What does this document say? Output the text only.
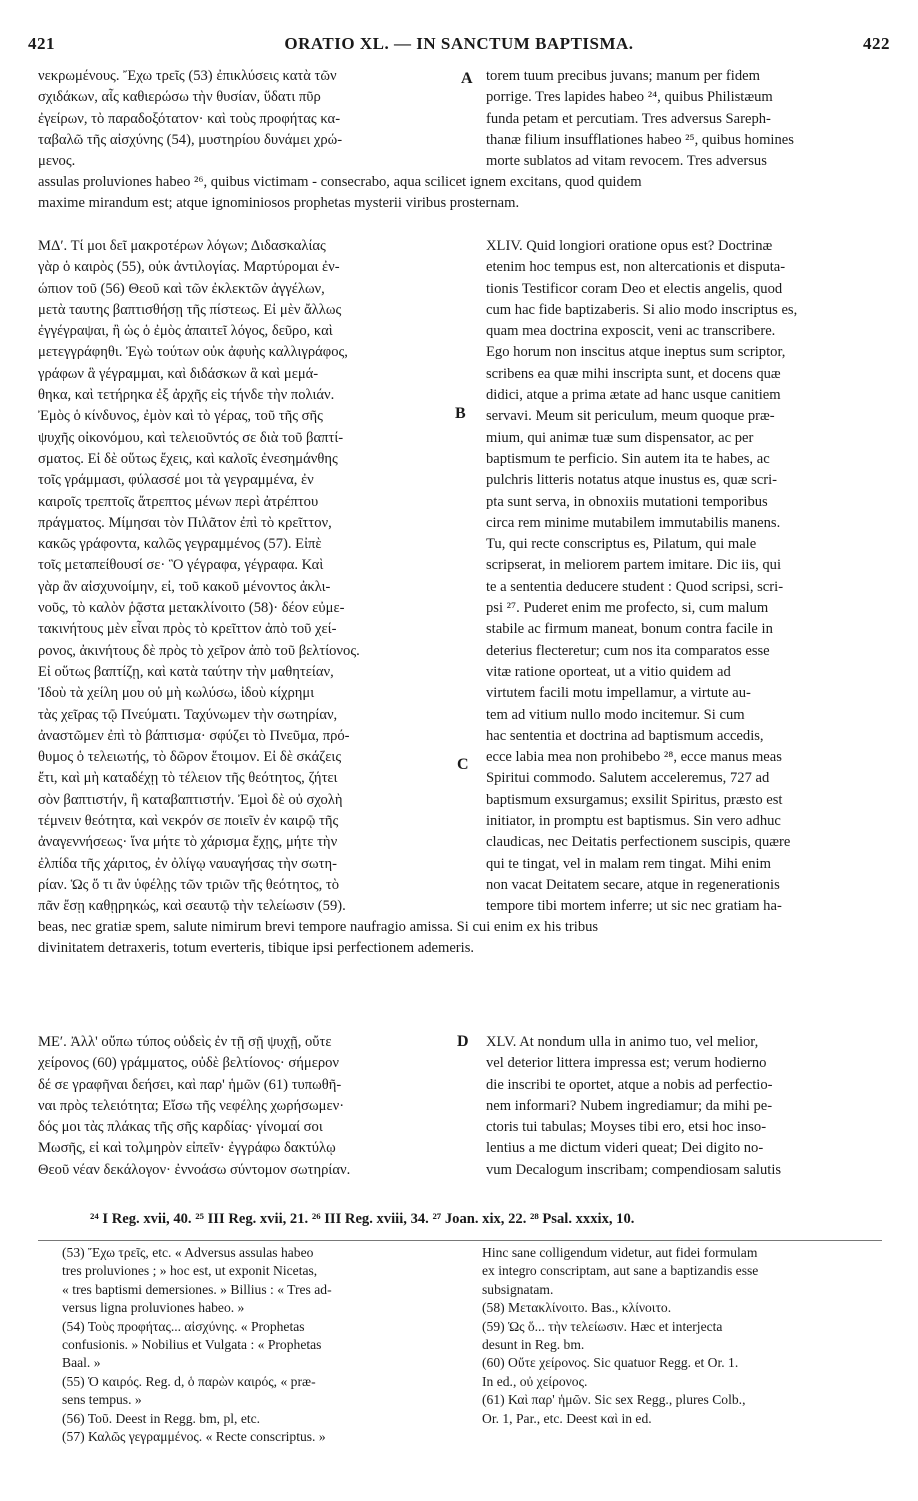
421	ORATIO XL. — IN SANCTUM BAPTISMA.	422
νεκρωμένους. Ἔχω τρεῖς (53) ἐπικλύσεις κατὰ τῶν
σχιδάκων, αἷς καθιερώσω τὴν θυσίαν, ὕδατι πῦρ
ἐγείρων, τὸ παραδοξότατον· καὶ τοὺς προφήτας κα-
ταβαλῶ τῆς αἰσχύνης (54), μυστηρίου δυνάμει χρώ-
μενος.
torem tuum precibus juvans; manum per fidem
porrige. Tres lapides habeo ²⁴, quibus Philistæum
funda petam et percutiam. Tres adversus Sareph-
thanæ filium insufflationes habeo ²⁵, quibus homines
morte sublatos ad vitam revocem. Tres adversus
A
assulas proluviones habeo ²⁶, quibus victimam - consecrabo, aqua scilicet ignem excitans, quod quidem
maxime mirandum est; atque ignominiosos prophetas mysterii viribus prosternam.
ΜΔʹ. Τί μοι δεῖ μακροτέρων λόγων; Διδασκαλίας
γὰρ ὁ καιρὸς (55), οὐκ ἀντιλογίας. Μαρτύρομαι ἐν-
ώπιον τοῦ (56) Θεοῦ καὶ τῶν ἐκλεκτῶν ἀγγέλων,
μετὰ ταυτης βαπτισθήσῃ τῆς πίστεως. Εἰ μὲν ἄλλως
ἐγγέγραψαι, ἢ ὡς ὁ ἐμὸς ἀπαιτεῖ λόγος, δεῦρο, καὶ
μετεγγράφηθι. Ἐγὼ τούτων οὐκ ἀφυὴς καλλιγράφος,
γράφων ἃ γέγραμμαι, καὶ διδάσκων ἃ καὶ μεμά-
θηκα, καὶ τετήρηκα ἐξ ἀρχῆς εἰς τήνδε τὴν πολιάν.
Ἐμὸς ὁ κίνδυνος, ἐμὸν καὶ τὸ γέρας, τοῦ τῆς σῆς
ψυχῆς οἰκονόμου, καὶ τελειοῦντός σε διὰ τοῦ βαπτί-
σματος. Εἰ δὲ οὕτως ἔχεις, καὶ καλοῖς ἐνεσημάνθης
τοῖς γράμμασι, φύλασσέ μοι τὰ γεγραμμένα, ἐν
καιροῖς τρεπτοῖς ἄτρεπτος μένων περὶ ἀτρέπτου
πράγματος. Μίμησαι τὸν Πιλᾶτον ἐπὶ τὸ κρεῖττον,
κακῶς γράφοντα, καλῶς γεγραμμένος (57). Εἰπὲ
τοῖς μεταπείθουσί σε· Ὃ γέγραφα, γέγραφα. Καὶ
γὰρ ἂν αἰσχυνοίμην, εἰ, τοῦ κακοῦ μένοντος ἀκλι-
νοῦς, τὸ καλὸν ῥᾷστα μετακλίνοιτο (58)· δέον εὐμε-
τακινήτους μὲν εἶναι πρὸς τὸ κρεῖττον ἀπὸ τοῦ χεί-
ρονος, ἀκινήτους δὲ πρὸς τὸ χεῖρον ἀπὸ τοῦ βελτίονος.
Εἰ οὕτως βαπτίζῃ, καὶ κατὰ ταύτην τὴν μαθητείαν,
Ἰδοὺ τὰ χείλη μου οὐ μὴ κωλύσω, ἰδοὺ κίχρημι
τὰς χεῖρας τῷ Πνεύματι. Ταχύνωμεν τὴν σωτηρίαν,
ἀναστῶμεν ἐπὶ τὸ βάπτισμα· σφύζει τὸ Πνεῦμα, πρό-
θυμος ὁ τελειωτής, τὸ δῶρον ἕτοιμον. Εἰ δὲ σκάζεις
ἔτι, καὶ μὴ καταδέχῃ τὸ τέλειον τῆς θεότητος, ζήτει
σὸν βαπτιστήν, ἢ καταβαπτιστήν. Ἐμοὶ δὲ οὐ σχολὴ
τέμνειν θεότητα, καὶ νεκρόν σε ποιεῖν ἐν καιρῷ τῆς
ἀναγεννήσεως· ἵνα μήτε τὸ χάρισμα ἔχῃς, μήτε τὴν
ἐλπίδα τῆς χάριτος, ἐν ὀλίγῳ ναυαγήσας τὴν σωτη-
ρίαν. Ὡς ὅ τι ἂν ὑφέλῃς τῶν τριῶν τῆς θεότητος, τὸ
πᾶν ἔσῃ καθῃρηκώς, καὶ σεαυτῷ τὴν τελείωσιν (59).
XLIV. Quid longiori oratione opus est? Doctrinæ
etenim hoc tempus est, non altercationis et disputa-
tionis Testificor coram Deo et electis angelis, quod
cum hac fide baptizaberis. Si alio modo inscriptus es,
quam mea doctrina exposcit, veni ac transcribere.
Ego horum non inscitus atque ineptus sum scriptor,
scribens ea quæ mihi inscripta sunt, et docens quæ
didici, atque a prima ætate ad hanc usque canitiem
servavi. Meum sit periculum, meum quoque præ-
mium, qui animæ tuæ sum dispensator, ac per
baptismum te perficio. Sin autem ita te habes, ac
pulchris litteris notatus atque inustus es, quæ scri-
pta sunt serva, in obnoxiis mutationi temporibus
circa rem minime mutabilem immutabilis manens.
Tu, qui recte conscriptus es, Pilatum, qui male
scripserat, in meliorem partem imitare. Dic iis, qui
te a sententia deducere student : Quod scripsi, scri-
psi ²⁷. Puderet enim me profecto, si, cum malum
stabile ac firmum maneat, bonum contra facile in
deterius flecteretur; cum nos ita comparatos esse
vitæ ratione oporteat, ut a vitio quidem ad
virtutem facili motu impellamur, a virtute au-
tem ad vitium nullo modo incitemur. Si cum
hac sententia et doctrina ad baptismum accedis,
ecce labia mea non prohibebo ²⁸, ecce manus meas
Spiritui commodo. Salutem acceleremus, 727 ad
baptismum exsurgamus; exsilit Spiritus, præsto est
initiator, in promptu est baptismus. Sin vero adhuc
claudicas, nec Deitatis perfectionem suscipis, quære
qui te tingat, vel in malam rem tingat. Mihi enim
non vacat Deitatem secare, atque in regenerationis
tempore tibi mortem inferre; ut sic nec gratiam ha-
B
C
beas, nec gratiæ spem, salute nimirum brevi tempore naufragio amissa. Si cui enim ex his tribus
divinitatem detraxeris, totum everteris, tibique ipsi perfectionem ademeris.
ΜΕʹ. Ἀλλ' οὔπω τύπος οὐδεὶς ἐν τῇ σῇ ψυχῇ, οὔτε
χείρονος (60) γράμματος, οὐδὲ βελτίονος· σήμερον
δέ σε γραφῆναι δεήσει, καὶ παρ' ἡμῶν (61) τυπωθῆ-
ναι πρὸς τελειότητα; Εἴσω τῆς νεφέλης χωρήσωμεν·
δός μοι τὰς πλάκας τῆς σῆς καρδίας· γίνομαί σοι
Μωσῆς, εἰ καὶ τολμηρὸν εἰπεῖν· ἐγγράφω δακτύλῳ
Θεοῦ νέαν δεκάλογον· ἐννοάσω σύντομον σωτηρίαν.
XLV. At nondum ulla in animo tuo, vel melior,
vel deterior littera impressa est; verum hodierno
die inscribi te oportet, atque a nobis ad perfectio-
nem informari? Nubem ingrediamur; da mihi pe-
ctoris tui tabulas; Moyses tibi ero, etsi hoc inso-
lentius a me dictum videri queat; Dei digito no-
vum Decalogum inscribam; compendiosam salutis
D
²⁴ I Reg. xvii, 40. ²⁵ III Reg. xvii, 21. ²⁶ III Reg. xviii, 34. ²⁷ Joan. xix, 22. ²⁸ Psal. xxxix, 10.
(53) Ἔχω τρεῖς, etc. « Adversus assulas habeo
tres proluviones ; » hoc est, ut exponit Nicetas,
« tres baptismi demersiones. » Billius : « Tres ad-
versus ligna proluviones habeo. »
(54) Τοὺς προφήτας... αἰσχύνης. « Prophetas
confusionis. » Nobilius et Vulgata : « Prophetas
Baal. »
(55) Ὁ καιρός. Reg. d, ὁ παρὼν καιρός, « præ-
sens tempus. »
(56) Τοῦ. Deest in Regg. bm, pl, etc.
(57) Καλῶς γεγραμμένος. « Recte conscriptus. »
Hinc sane colligendum videtur, aut fidei formulam
ex integro conscriptam, aut sane a baptizandis esse
subsignatam.
(58) Μετακλίνοιτο. Bas., κλίνοιτο.
(59) Ὡς ὅ... τὴν τελείωσιν. Hæc et interjecta
desunt in Reg. bm.
(60) Οὔτε χείρονος. Sic quatuor Regg. et Or. 1.
In ed., οὐ χείρονος.
(61) Καὶ παρ' ἡμῶν. Sic sex Regg., plures Colb.,
Or. 1, Par., etc. Deest καὶ in ed.
